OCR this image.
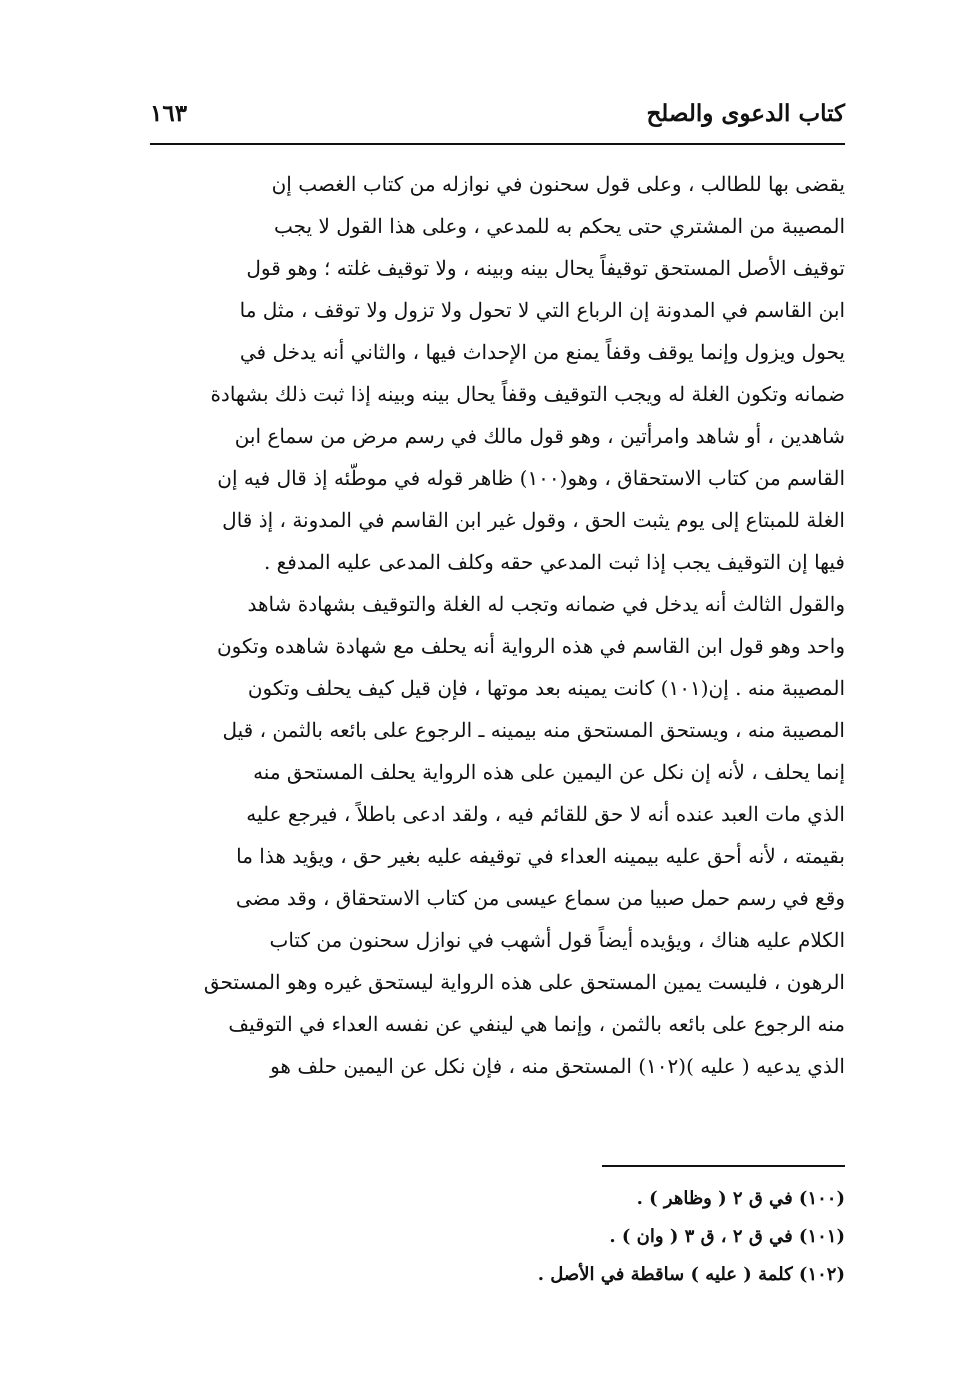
كتاب الدعوى والصلح
١٦٣
يقضى بها للطالب ، وعلى قول سحنون في نوازله من كتاب الغصب إن
المصيبة من المشتري حتى يحكم به للمدعي ، وعلى هذا القول لا يجب
توقيف الأصل المستحق توقيفاً يحال بينه وبينه ، ولا توقيف غلته ؛ وهو قول
ابن القاسم في المدونة إن الرباع التي لا تحول ولا تزول ولا توقف ، مثل ما
يحول ويزول وإنما يوقف وقفاً يمنع من الإحداث فيها ، والثاني أنه يدخل في
ضمانه وتكون الغلة له ويجب التوقيف وقفاً يحال بينه وبينه إذا ثبت ذلك بشهادة
شاهدين ، أو شاهد وامرأتين ، وهو قول مالك في رسم مرض من سماع ابن
القاسم من كتاب الاستحقاق ، وهو(١٠٠) ظاهر قوله في موطّئه إذ قال فيه إن
الغلة للمبتاع إلى يوم يثبت الحق ، وقول غير ابن القاسم في المدونة ، إذ قال
فيها إن التوقيف يجب إذا ثبت المدعي حقه وكلف المدعى عليه المدفع .
والقول الثالث أنه يدخل في ضمانه وتجب له الغلة والتوقيف بشهادة شاهد
واحد وهو قول ابن القاسم في هذه الرواية أنه يحلف مع شهادة شاهده وتكون
المصيبة منه . إن(١٠١) كانت يمينه بعد موتها ، فإن قيل كيف يحلف وتكون
المصيبة منه ، ويستحق المستحق منه بيمينه ـ الرجوع على بائعه بالثمن ، قيل
إنما يحلف ، لأنه إن نكل عن اليمين على هذه الرواية يحلف المستحق منه
الذي مات العبد عنده أنه لا حق للقائم فيه ، ولقد ادعى باطلاً ، فيرجع عليه
بقيمته ، لأنه أحق عليه بيمينه العداء في توقيفه عليه بغير حق ، ويؤيد هذا ما
وقع في رسم حمل صبيا من سماع عيسى من كتاب الاستحقاق ، وقد مضى
الكلام عليه هناك ، ويؤيده أيضاً قول أشهب في نوازل سحنون من كتاب
الرهون ، فليست يمين المستحق على هذه الرواية ليستحق غيره وهو المستحق
منه الرجوع على بائعه بالثمن ، وإنما هي لينفي عن نفسه العداء في التوقيف
الذي يدعيه ( عليه )(١٠٢) المستحق منه ، فإن نكل عن اليمين حلف هو
(١٠٠) في ق ٢ ( وظاهر ) .
(١٠١) في ق ٢ ، ق ٣ ( وان ) .
(١٠٢) كلمة ( عليه ) ساقطة في الأصل .
